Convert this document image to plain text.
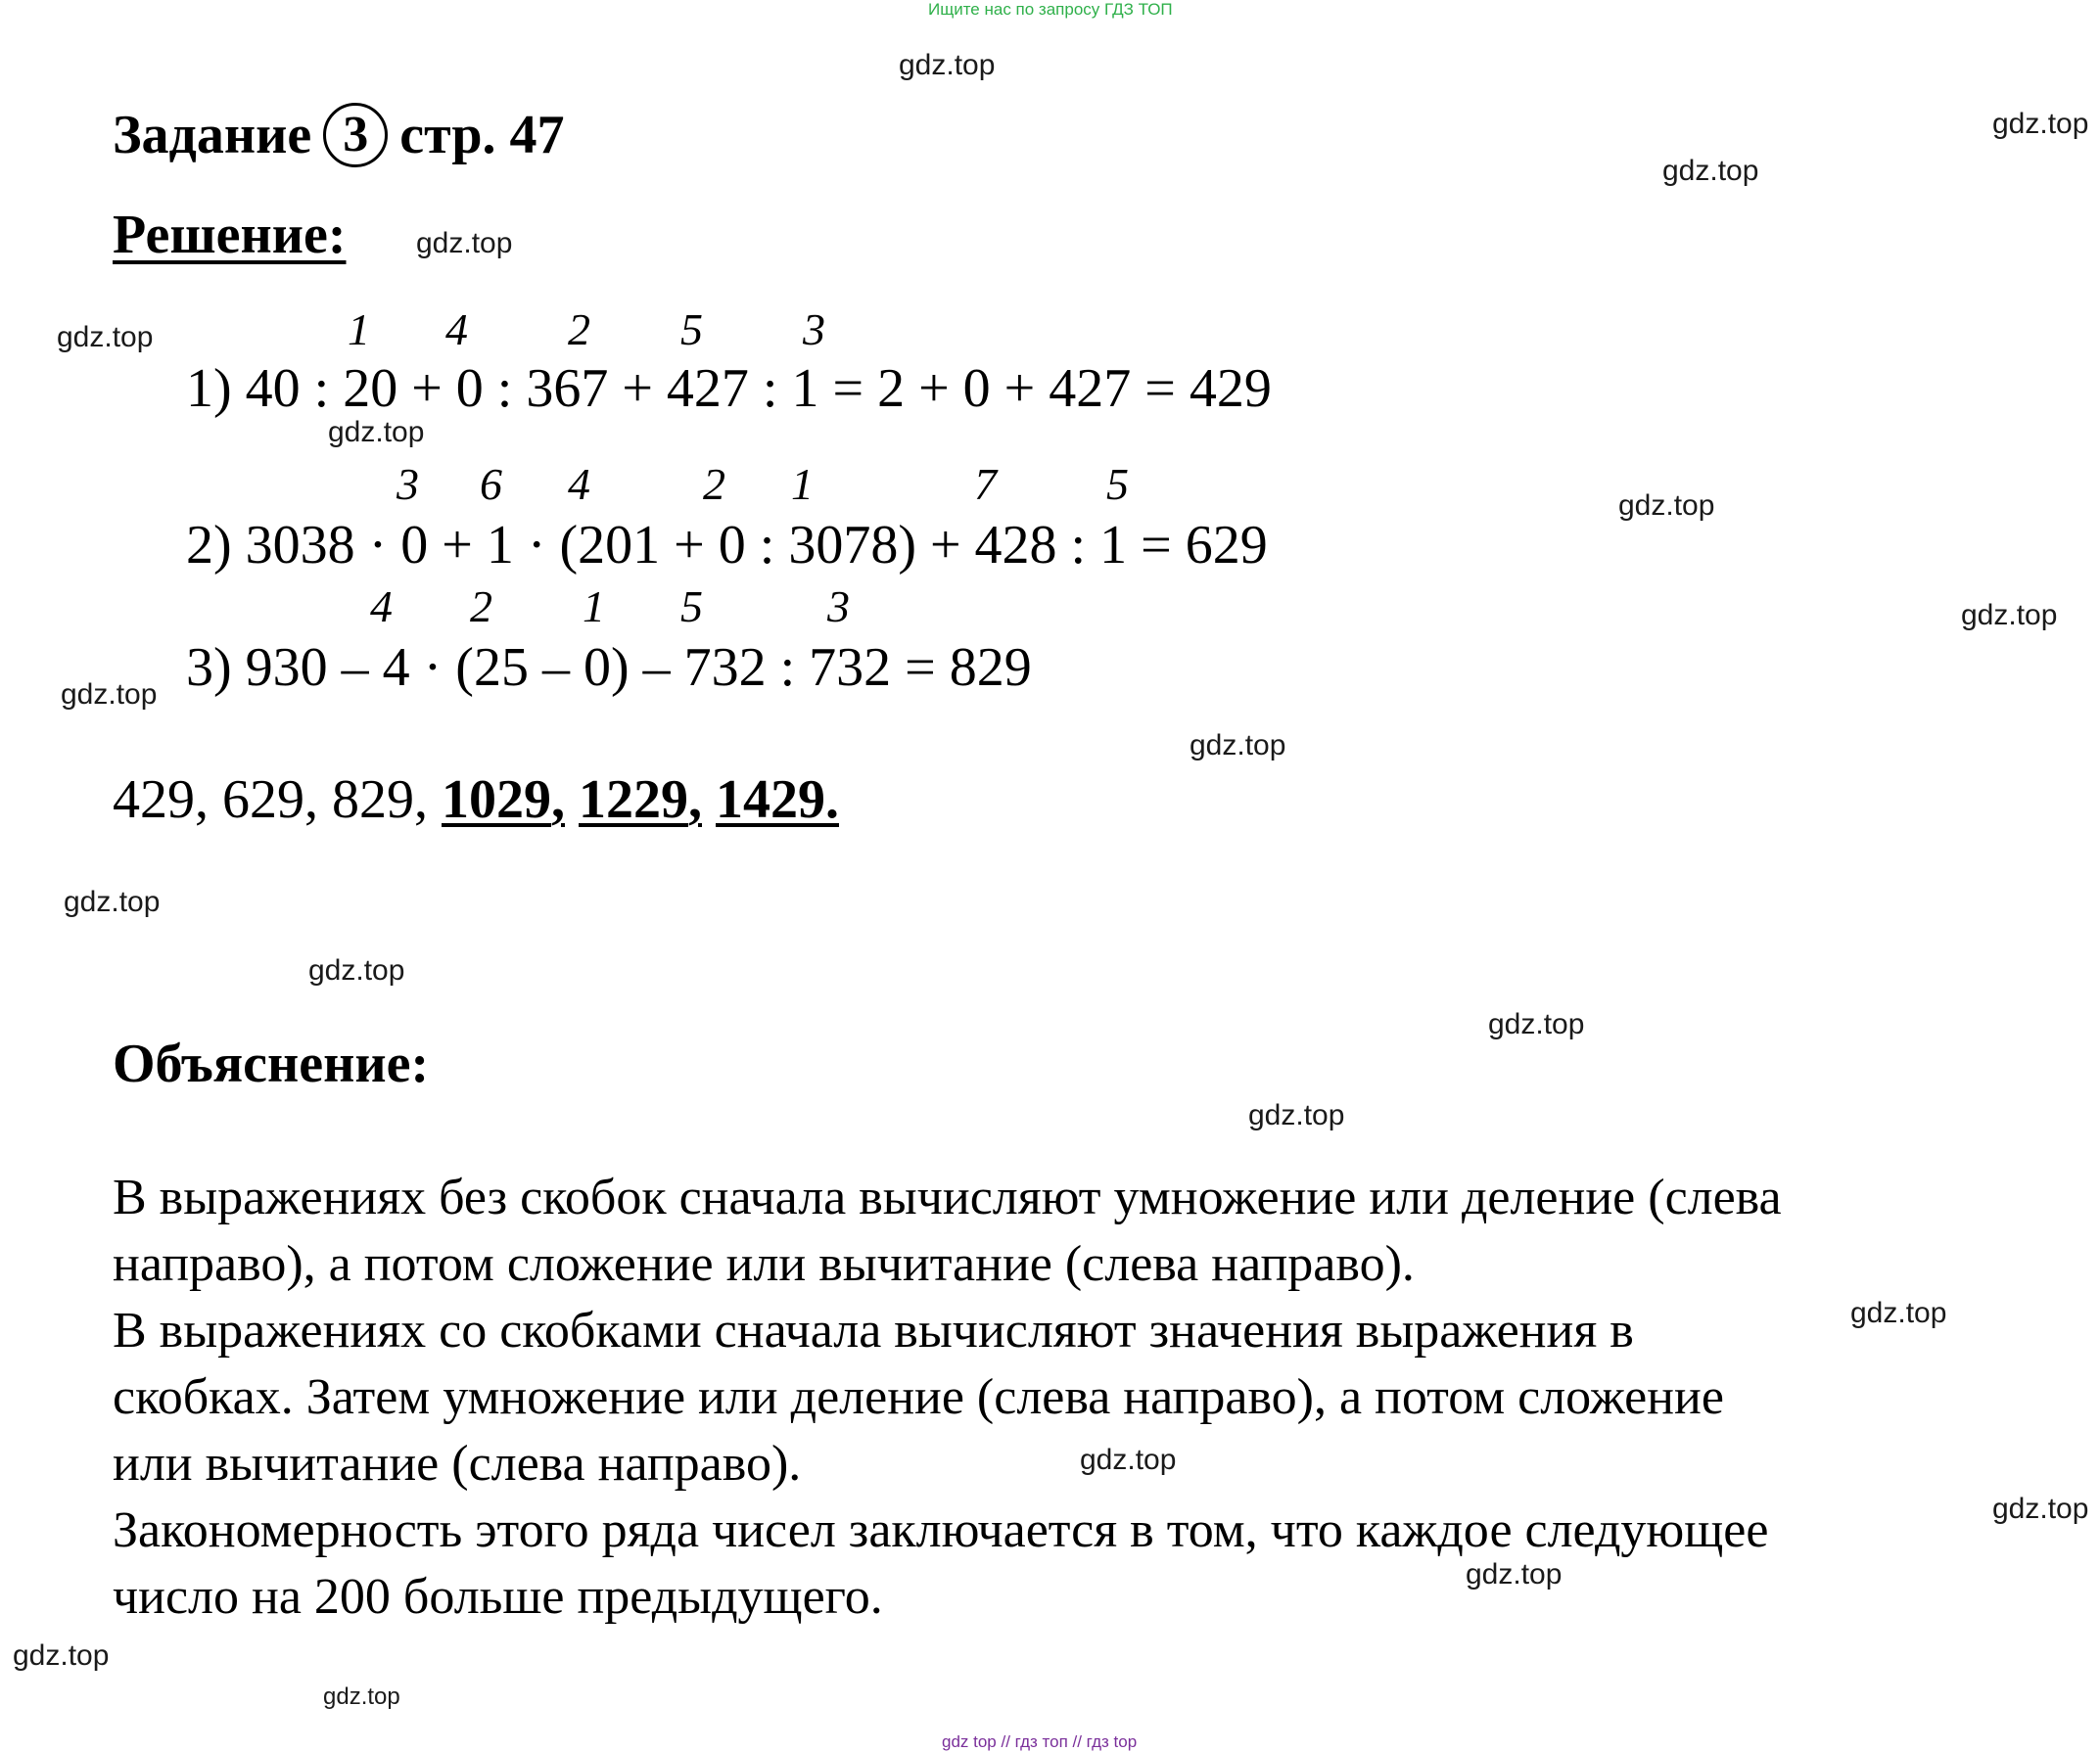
Ищите нас по запросу ГДЗ ТОП
Задание 3 стр. 47
Решение:
1 4 2 5 3
1) 40 : 20 + 0 : 367 + 427 : 1 = 2 + 0 + 427 = 429
3 6 4	2 1	7 5
2) 3038 · 0 + 1 · (201 + 0 : 3078) + 428 : 1 = 629
4 2 1 5	3
3) 930 – 4 · (25 – 0) – 732 : 732 = 829
429, 629, 829, 1029, 1229, 1429.
Объяснение:
В выражениях без скобок сначала вычисляют умножение или деление (слева
направо), а потом сложение или вычитание (слева направо).
В выражениях со скобками сначала вычисляют значения выражения в
скобках. Затем умножение или деление (слева направо), а потом сложение
или вычитание (слева направо).
Закономерность этого ряда чисел заключается в том, что каждое следующее
число на 200 больше предыдущего.
gdz.top
gdz.top
gdz.top
gdz.top
gdz.top
gdz.top
gdz.top
gdz.top
gdz.top
gdz.top
gdz.top
gdz.top
gdz.top
gdz.top
gdz.top
gdz.top
gdz.top
gdz.top
gdz.top
gdz.top
gdz top // гдз топ // гдз top
